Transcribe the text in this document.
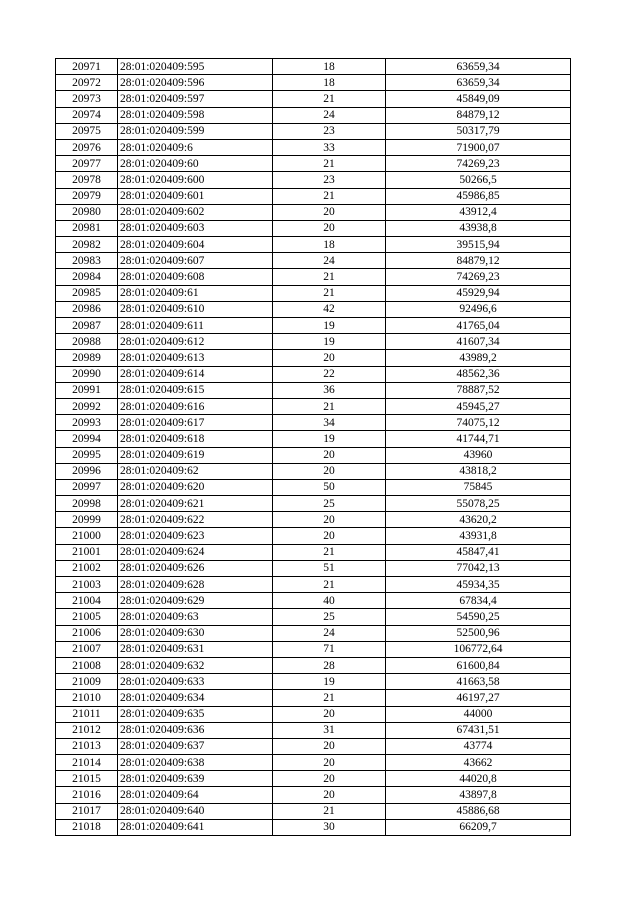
20971	28:01:020409:595	18	63659,34
20972	28:01:020409:596	18	63659,34
20973	28:01:020409:597	21	45849,09
20974	28:01:020409:598	24	84879,12
20975	28:01:020409:599	23	50317,79
20976	28:01:020409:6	33	71900,07
20977	28:01:020409:60	21	74269,23
20978	28:01:020409:600	23	50266,5
20979	28:01:020409:601	21	45986,85
20980	28:01:020409:602	20	43912,4
20981	28:01:020409:603	20	43938,8
20982	28:01:020409:604	18	39515,94
20983	28:01:020409:607	24	84879,12
20984	28:01:020409:608	21	74269,23
20985	28:01:020409:61	21	45929,94
20986	28:01:020409:610	42	92496,6
20987	28:01:020409:611	19	41765,04
20988	28:01:020409:612	19	41607,34
20989	28:01:020409:613	20	43989,2
20990	28:01:020409:614	22	48562,36
20991	28:01:020409:615	36	78887,52
20992	28:01:020409:616	21	45945,27
20993	28:01:020409:617	34	74075,12
20994	28:01:020409:618	19	41744,71
20995	28:01:020409:619	20	43960
20996	28:01:020409:62	20	43818,2
20997	28:01:020409:620	50	75845
20998	28:01:020409:621	25	55078,25
20999	28:01:020409:622	20	43620,2
21000	28:01:020409:623	20	43931,8
21001	28:01:020409:624	21	45847,41
21002	28:01:020409:626	51	77042,13
21003	28:01:020409:628	21	45934,35
21004	28:01:020409:629	40	67834,4
21005	28:01:020409:63	25	54590,25
21006	28:01:020409:630	24	52500,96
21007	28:01:020409:631	71	106772,64
21008	28:01:020409:632	28	61600,84
21009	28:01:020409:633	19	41663,58
21010	28:01:020409:634	21	46197,27
21011	28:01:020409:635	20	44000
21012	28:01:020409:636	31	67431,51
21013	28:01:020409:637	20	43774
21014	28:01:020409:638	20	43662
21015	28:01:020409:639	20	44020,8
21016	28:01:020409:64	20	43897,8
21017	28:01:020409:640	21	45886,68
21018	28:01:020409:641	30	66209,7
